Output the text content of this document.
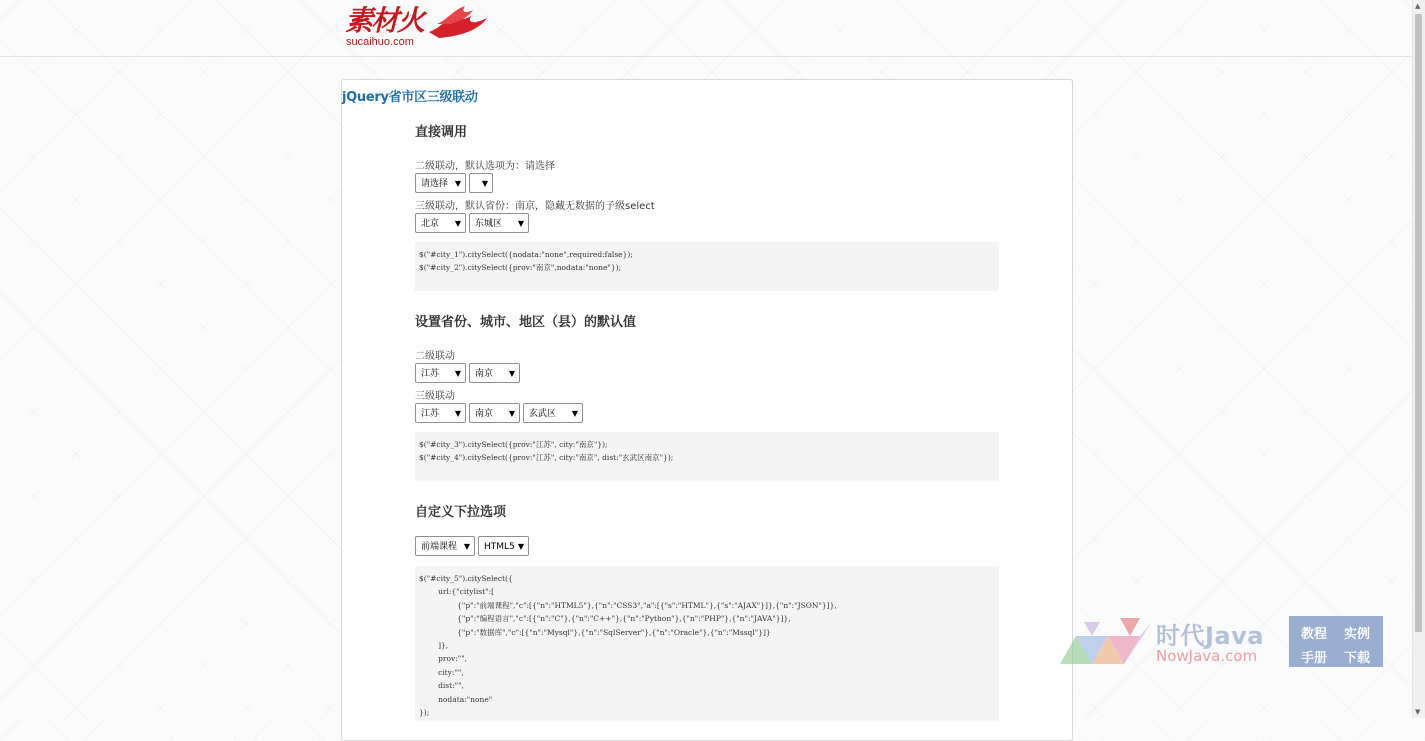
素材火
sucaihuo.com
jQuery省市区三级联动
直接调用
二级联动，默认选项为：请选择
请选择 ▼	▼
三级联动，默认省份：南京，隐藏无数据的子级select
北京 ▼	东城区 ▼
$("#city_1").citySelect({nodata:"none",required:false});
$("#city_2").citySelect({prov:"南京",nodata:"none"});
设置省份、城市、地区（县）的默认值
二级联动
江苏 ▼	南京 ▼
三级联动
江苏 ▼	南京 ▼	玄武区 ▼
$("#city_3").citySelect({prov:"江苏", city:"南京"});
$("#city_4").citySelect({prov:"江苏", city:"南京", dist:"玄武区南京"});
自定义下拉选项
前端课程 ▼	HTML5 ▼
$("#city_5").citySelect({
url:{"citylist":[
{"p":"前端课程","c":[{"n":"HTML5"},{"n":"CSS3","a":[{"s":"HTML"},{"s":"AJAX"}]},{"n":"JSON"}]},
{"p":"编程语言","c":[{"n":"C"},{"n":"C++"},{"n":"Python"},{"n":"PHP"},{"n":"JAVA"}]},
{"p":"数据库","c":[{"n":"Mysql"},{"n":"SqlServer"},{"n":"Oracle"},{"n":"Mssql"}]}
]},
prov:"",
city:"",
dist:"",
nodata:"none"
});
时代Java
NowJava.com
教程 实例
手册 下载
▲
▼
